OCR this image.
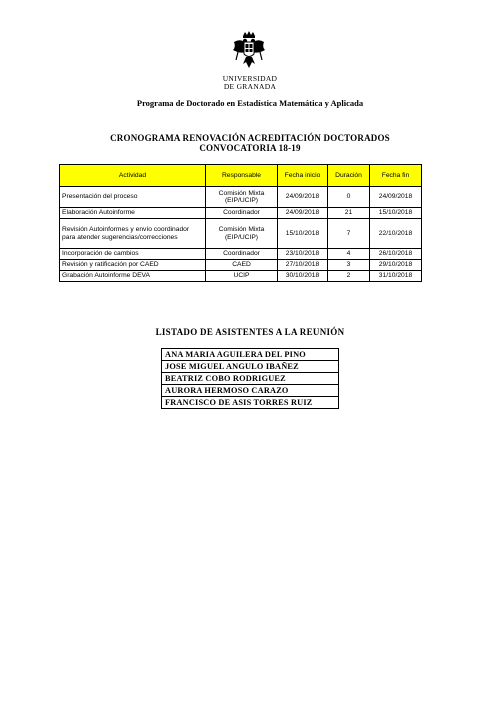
UNIVERSIDAD
DE GRANADA
Programa de Doctorado en Estadística Matemática y Aplicada
CRONOGRAMA RENOVACIÓN ACREDITACIÓN DOCTORADOS
CONVOCATORIA 18-19
Actividad	Responsable	Fecha inicio	Duración	Fecha fin
Presentación del proceso	Comisión Mixta (EIP/UCIP)	24/09/2018	0	24/09/2018
Elaboración Autoinforme	Coordinador	24/09/2018	21	15/10/2018
Revisión Autoinformes y envío coordinador para atender sugerencias/correcciones	Comisión Mixta (EIP/UCIP)	15/10/2018	7	22/10/2018
Incorporación de cambios	Coordinador	23/10/2018	4	26/10/2018
Revisión y ratificación por CAED	CAED	27/10/2018	3	29/10/2018
Grabación Autoinforme DEVA	UCIP	30/10/2018	2	31/10/2018
LISTADO DE ASISTENTES A LA REUNIÓN
ANA MARIA AGUILERA DEL PINO
JOSE MIGUEL ANGULO IBAÑEZ
BEATRIZ COBO RODRIGUEZ
AURORA HERMOSO CARAZO
FRANCISCO DE ASIS TORRES RUIZ
